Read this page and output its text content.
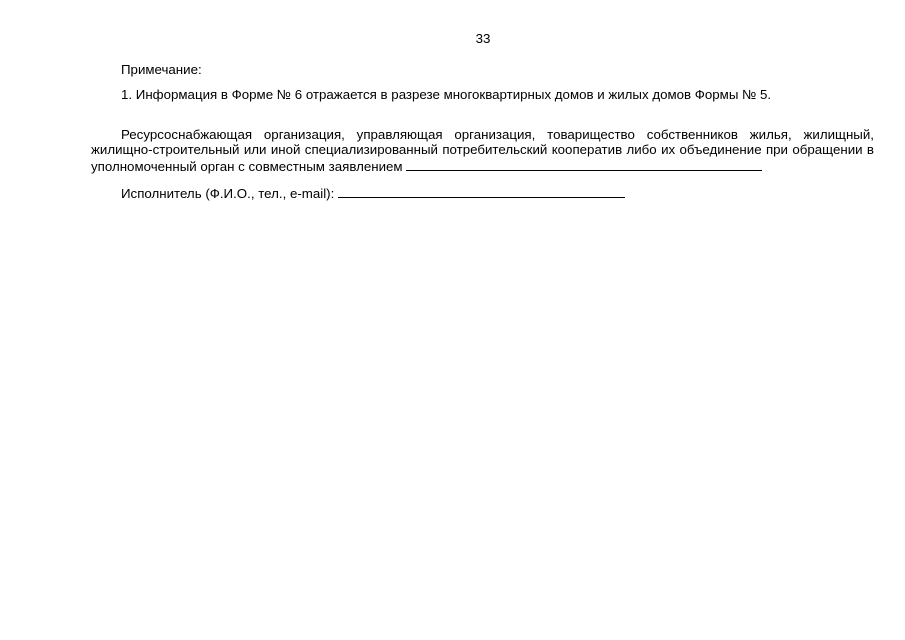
33
Примечание:
1. Информация в Форме № 6 отражается в разрезе многоквартирных домов и жилых домов Формы № 5.

Ресурсоснабжающая организация, управляющая организация, товарищество собственников жилья, жилищный, жилищно-строительный или иной специализированный потребительский кооператив либо их объединение при обращении в уполномоченный орган с совместным заявлением

Исполнитель (Ф.И.О., тел., e-mail):
